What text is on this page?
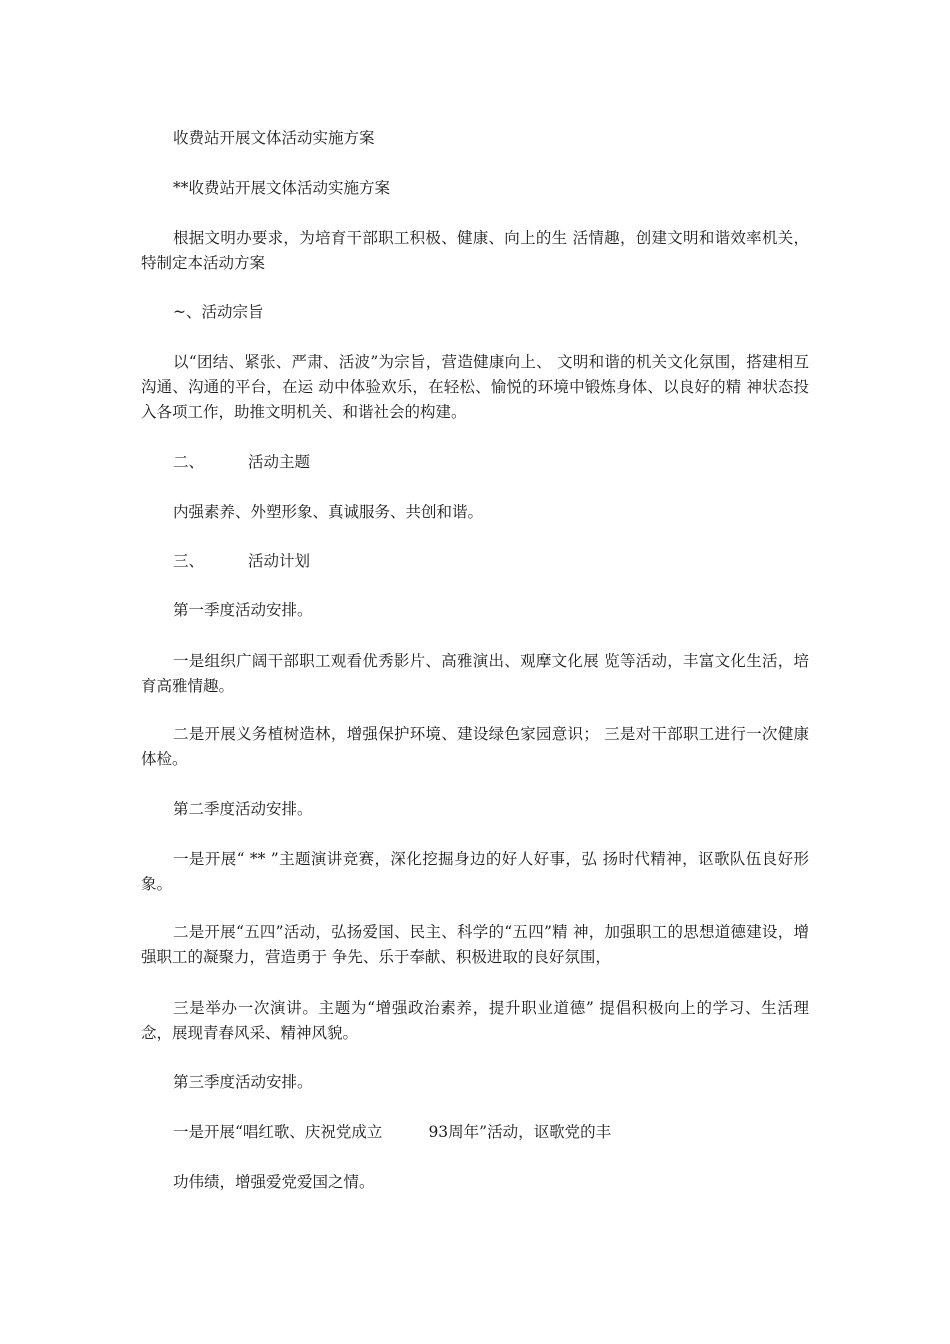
收费站开展文体活动实施方案

**收费站开展文体活动实施方案

根据文明办要求，为培育干部职工积极、健康、向上的生 活情趣，创建文明和谐效率机关，特制定本活动方案

~、活动宗旨

以“团结、紧张、严肃、活波”为宗旨，营造健康向上、 文明和谐的机关文化氛围，搭建相互沟通、沟通的平台，在运 动中体验欢乐，在轻松、愉悦的环境中锻炼身体、以良好的精 神状态投入各项工作，助推文明机关、和谐社会的构建。

二、	活动主题

内强素养、外塑形象、真诚服务、共创和谐。

三、	活动计划

第一季度活动安排。

一是组织广阔干部职工观看优秀影片、高雅演出、观摩文化展 览等活动，丰富文化生活，培育高雅情趣。

二是开展义务植树造林，增强保护环境、建设绿色家园意识； 三是对干部职工进行一次健康体检。

第二季度活动安排。

一是开展“ ** ”主题演讲竞赛，深化挖掘身边的好人好事，弘 扬时代精神，讴歌队伍良好形象。

二是开展“五四”活动，弘扬爱国、民主、科学的“五四”精 神，加强职工的思想道德建设，增强职工的凝聚力，营造勇于 争先、乐于奉献、积极进取的良好氛围，

三是举办一次演讲。主题为“增强政治素养，提升职业道德” 提倡积极向上的学习、生活理念，展现青春风采、精神风貌。

第三季度活动安排。

一是开展“唱红歌、庆祝党成立	93周年”活动，讴歌党的丰

功伟绩，增强爱党爱国之情。
